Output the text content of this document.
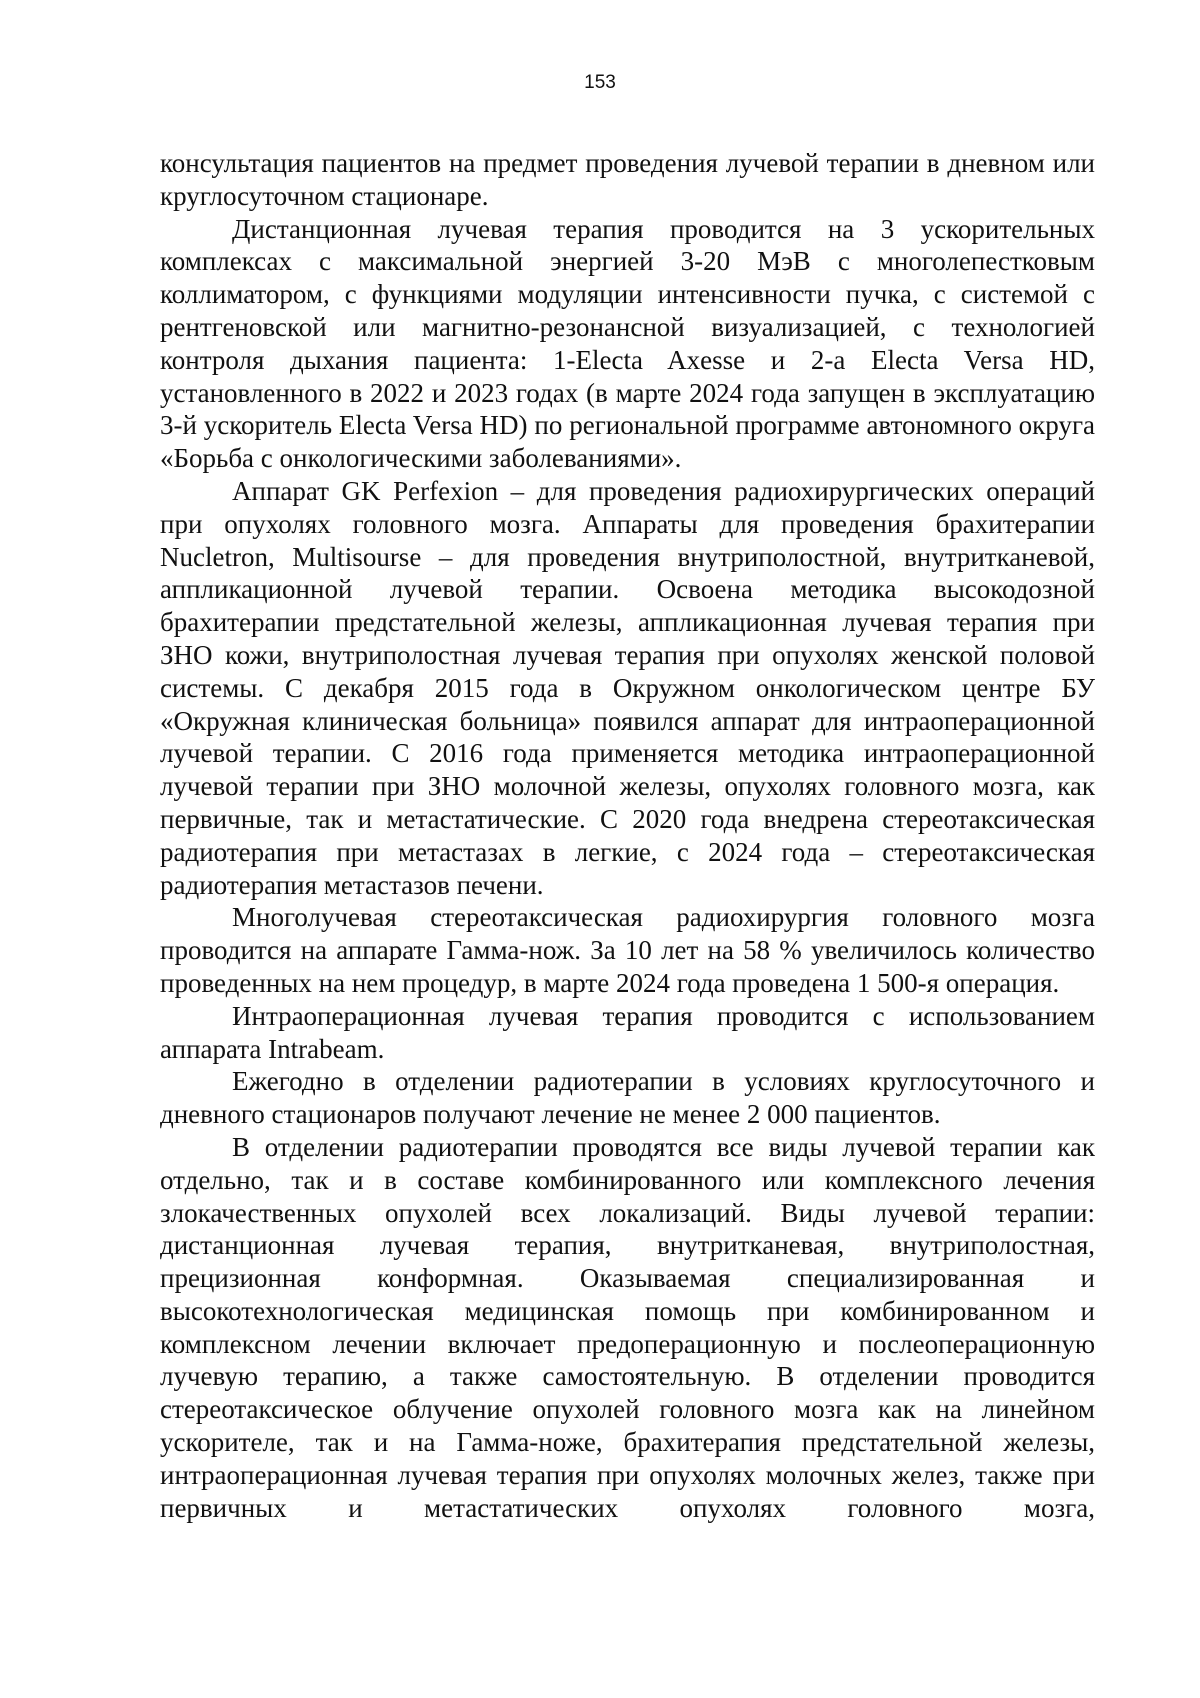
153

консультация пациентов на предмет проведения лучевой терапии в дневном или круглосуточном стационаре.

Дистанционная лучевая терапия проводится на 3 ускорительных комплексах с максимальной энергией 3-20 МэВ с многолепестковым коллиматором, с функциями модуляции интенсивности пучка, с системой с рентгеновской или магнитно-резонансной визуализацией, с технологией контроля дыхания пациента: 1-Electa Axesse и 2-а Electa Versa HD, установленного в 2022 и 2023 годах (в марте 2024 года запущен в эксплуатацию 3-й ускоритель Electa Versa HD) по региональной программе автономного округа «Борьба с онкологическими заболеваниями».

Аппарат GK Perfexion – для проведения радиохирургических операций при опухолях головного мозга. Аппараты для проведения брахитерапии Nucletron, Multisourse – для проведения внутриполостной, внутритканевой, аппликационной лучевой терапии. Освоена методика высокодозной брахитерапии предстательной железы, аппликационная лучевая терапия при ЗНО кожи, внутриполостная лучевая терапия при опухолях женской половой системы. С декабря 2015 года в Окружном онкологическом центре БУ «Окружная клиническая больница» появился аппарат для интраоперационной лучевой терапии. С 2016 года применяется методика интраоперационной лучевой терапии при ЗНО молочной железы, опухолях головного мозга, как первичные, так и метастатические. С 2020 года внедрена стереотаксическая радиотерапия при метастазах в легкие, с 2024 года – стереотаксическая радиотерапия метастазов печени.

Многолучевая стереотаксическая радиохирургия головного мозга проводится на аппарате Гамма-нож. За 10 лет на 58 % увеличилось количество проведенных на нем процедур, в марте 2024 года проведена 1 500-я операция.

Интраоперационная лучевая терапия проводится с использованием аппарата Intrabeam.

Ежегодно в отделении радиотерапии в условиях круглосуточного и дневного стационаров получают лечение не менее 2 000 пациентов.

В отделении радиотерапии проводятся все виды лучевой терапии как отдельно, так и в составе комбинированного или комплексного лечения злокачественных опухолей всех локализаций. Виды лучевой терапии: дистанционная лучевая терапия, внутритканевая, внутриполостная, прецизионная конформная. Оказываемая специализированная и высокотехнологическая медицинская помощь при комбинированном и комплексном лечении включает предоперационную и послеоперационную лучевую терапию, а также самостоятельную. В отделении проводится стереотаксическое облучение опухолей головного мозга как на линейном ускорителе, так и на Гамма-ноже, брахитерапия предстательной железы, интраоперационная лучевая терапия при опухолях молочных желез, также при первичных и метастатических опухолях головного мозга,
